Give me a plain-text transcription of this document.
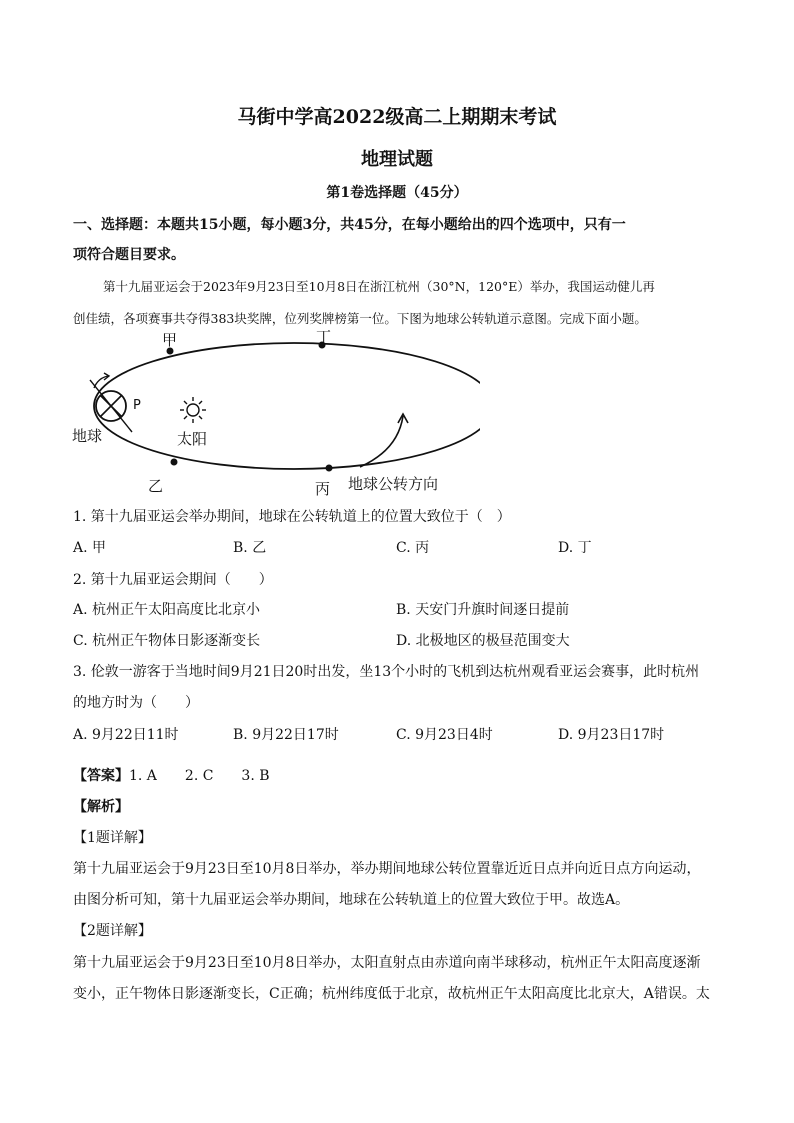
马街中学高2022级高二上期期末考试
地理试题
第1卷选择题（45分）
一、选择题：本题共15小题，每小题3分，共45分，在每小题给出的四个选项中，只有一
项符合题目要求。
第十九届亚运会于2023年9月23日至10月8日在浙江杭州（30°N，120°E）举办，我国运动健儿再
创佳绩，各项赛事共夺得383块奖牌，位列奖牌榜第一位。下图为地球公转轨道示意图。完成下面小题。
甲	丁
乙	丙
P
太阳
地球
地球公转方向
1. 第十九届亚运会举办期间，地球在公转轨道上的位置大致位于（　）
A. 甲	B. 乙	C. 丙	D. 丁
2. 第十九届亚运会期间（　　）
A. 杭州正午太阳高度比北京小	B. 天安门升旗时间逐日提前
C. 杭州正午物体日影逐渐变长	D. 北极地区的极昼范围变大
3. 伦敦一游客于当地时间9月21日20时出发，坐13个小时的飞机到达杭州观看亚运会赛事，此时杭州
的地方时为（　　）
A. 9月22日11时	B. 9月22日17时	C. 9月23日4时	D. 9月23日17时
【答案】1. A　　2. C　　3. B
【解析】
【1题详解】
第十九届亚运会于9月23日至10月8日举办，举办期间地球公转位置靠近近日点并向近日点方向运动，
由图分析可知，第十九届亚运会举办期间，地球在公转轨道上的位置大致位于甲。故选A。
【2题详解】
第十九届亚运会于9月23日至10月8日举办，太阳直射点由赤道向南半球移动，杭州正午太阳高度逐渐
变小，正午物体日影逐渐变长，C正确；杭州纬度低于北京，故杭州正午太阳高度比北京大，A错误。太
